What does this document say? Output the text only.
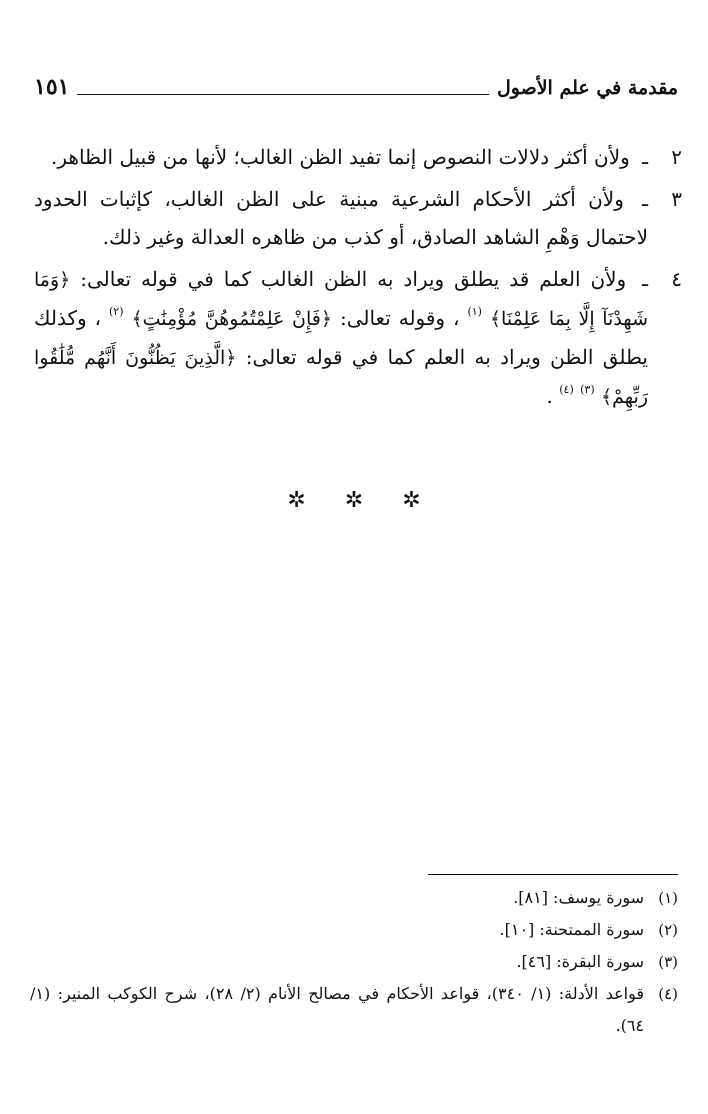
مقدمة في علم الأصول
١٥١
٢
ـ ولأن أكثر دلالات النصوص إنما تفيد الظن الغالب؛ لأنها من قبيل الظاهر.
٣
ـ ولأن أكثر الأحكام الشرعية مبنية على الظن الغالب، كإثبات الحدود لاحتمال وَهْمِ الشاهد الصادق، أو كذب من ظاهره العدالة وغير ذلك.
٤
ـ ولأن العلم قد يطلق ويراد به الظن الغالب كما في قوله تعالى: ﴿وَمَا شَهِدْنَآ إِلَّا بِمَا عَلِمْنَا﴾ $^{(١)}$ ، وقوله تعالى: ﴿فَإِنْ عَلِمْتُمُوهُنَّ مُؤْمِنَٰتٍ﴾ $^{(٢)}$ ، وكذلك يطلق الظن ويراد به العلم كما في قوله تعالى: ﴿الَّذِينَ يَظُنُّونَ أَنَّهُم مُّلَٰقُوا رَبِّهِمْ﴾ $^{(٣)}$ $^{(٤)}$ .
✲ ✲ ✲
(١)
سورة يوسف: [٨١].
(٢)
سورة الممتحنة: [١٠].
(٣)
سورة البقرة: [٤٦].
(٤)
قواعد الأدلة: (١/ ٣٤٠)، قواعد الأحكام في مصالح الأنام (٢/ ٢٨)، شرح الكوكب المنير: (١/ ٦٤).
